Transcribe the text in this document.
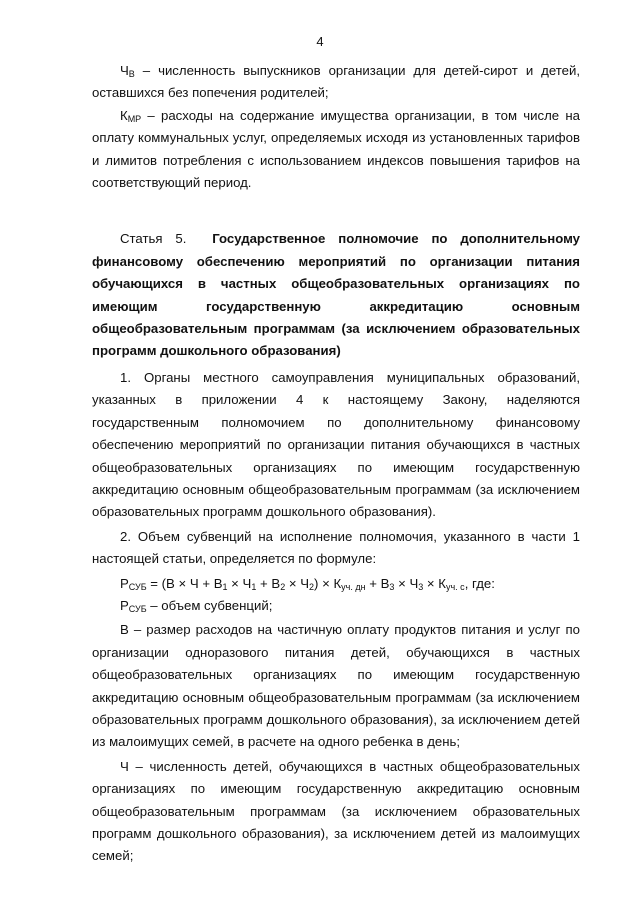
4

$Ч_В$ – численность выпускников организации для детей-сирот и детей, оставшихся без попечения родителей;

$К_{МР}$ – расходы на содержание имущества организации, в том числе на оплату коммунальных услуг, определяемых исходя из установленных тарифов и лимитов потребления с использованием индексов повышения тарифов на соответствующий период.

Статья 5. Государственное полномочие по дополнительному финансовому обеспечению мероприятий по организации питания обучающихся в частных общеобразовательных организациях по имеющим государственную аккредитацию основным общеобразовательным программам (за исключением образовательных программ дошкольного образования)

1. Органы местного самоуправления муниципальных образований, указанных в приложении 4 к настоящему Закону, наделяются государственным полномочием по дополнительному финансовому обеспечению мероприятий по организации питания обучающихся в частных общеобразовательных организациях по имеющим государственную аккредитацию основным общеобразовательным программам (за исключением образовательных программ дошкольного образования).

2. Объем субвенций на исполнение полномочия, указанного в части 1 настоящей статьи, определяется по формуле:

$Р_{СУБ} = (В \times Ч + В_1 \times Ч_1 + В_2 \times Ч_2) \times К_{уч. дн} + В_3 \times Ч_3 \times К_{уч. с}$, где:

$Р_{СУБ}$ – объем субвенций;

В – размер расходов на частичную оплату продуктов питания и услуг по организации одноразового питания детей, обучающихся в частных общеобразовательных организациях по имеющим государственную аккредитацию основным общеобразовательным программам (за исключением образовательных программ дошкольного образования), за исключением детей из малоимущих семей, в расчете на одного ребенка в день;

Ч – численность детей, обучающихся в частных общеобразовательных организациях по имеющим государственную аккредитацию основным общеобразовательным программам (за исключением образовательных программ дошкольного образования), за исключением детей из малоимущих семей;
